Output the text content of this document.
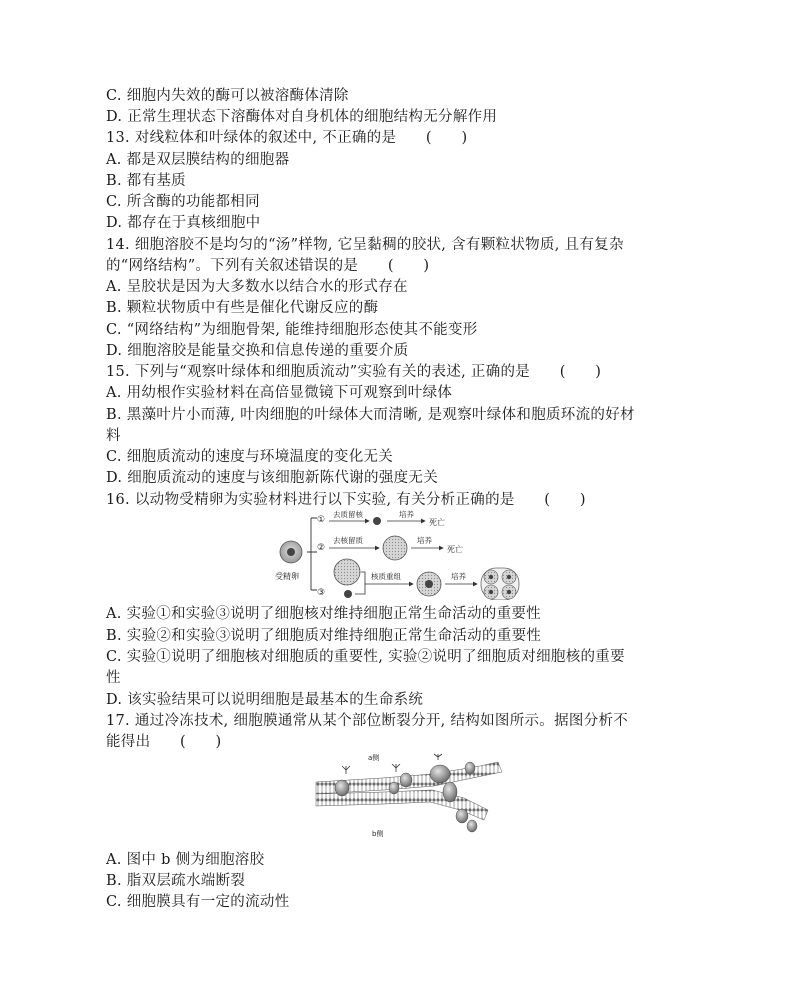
C. 细胞内失效的酶可以被溶酶体清除
D. 正常生理状态下溶酶体对自身机体的细胞结构无分解作用
13. 对线粒体和叶绿体的叙述中, 不正确的是　　(　　)
A. 都是双层膜结构的细胞器
B. 都有基质
C. 所含酶的功能都相同
D. 都存在于真核细胞中
14. 细胞溶胶不是均匀的“汤”样物, 它呈黏稠的胶状, 含有颗粒状物质, 且有复杂
的“网络结构”。下列有关叙述错误的是　　(　　)
A. 呈胶状是因为大多数水以结合水的形式存在
B. 颗粒状物质中有些是催化代谢反应的酶
C. “网络结构”为细胞骨架, 能维持细胞形态使其不能变形
D. 细胞溶胶是能量交换和信息传递的重要介质
15. 下列与“观察叶绿体和细胞质流动”实验有关的表述, 正确的是　　(　　)
A. 用幼根作实验材料在高倍显微镜下可观察到叶绿体
B. 黑藻叶片小而薄, 叶肉细胞的叶绿体大而清晰, 是观察叶绿体和胞质环流的好材
料
C. 细胞质流动的速度与环境温度的变化无关
D. 细胞质流动的速度与该细胞新陈代谢的强度无关
16. 以动物受精卵为实验材料进行以下实验, 有关分析正确的是　　(　　)
受精卵
①
去质留核	培养
死亡
②
去核留质	培养
死亡
③
核质重组	培养
A. 实验①和实验③说明了细胞核对维持细胞正常生命活动的重要性
B. 实验②和实验③说明了细胞质对维持细胞正常生命活动的重要性
C. 实验①说明了细胞核对细胞质的重要性, 实验②说明了细胞质对细胞核的重要
性
D. 该实验结果可以说明细胞是最基本的生命系统
17. 通过冷冻技术, 细胞膜通常从某个部位断裂分开, 结构如图所示。据图分析不
能得出　　(　　)
a侧
b侧
A. 图中 b 侧为细胞溶胶
B. 脂双层疏水端断裂
C. 细胞膜具有一定的流动性
